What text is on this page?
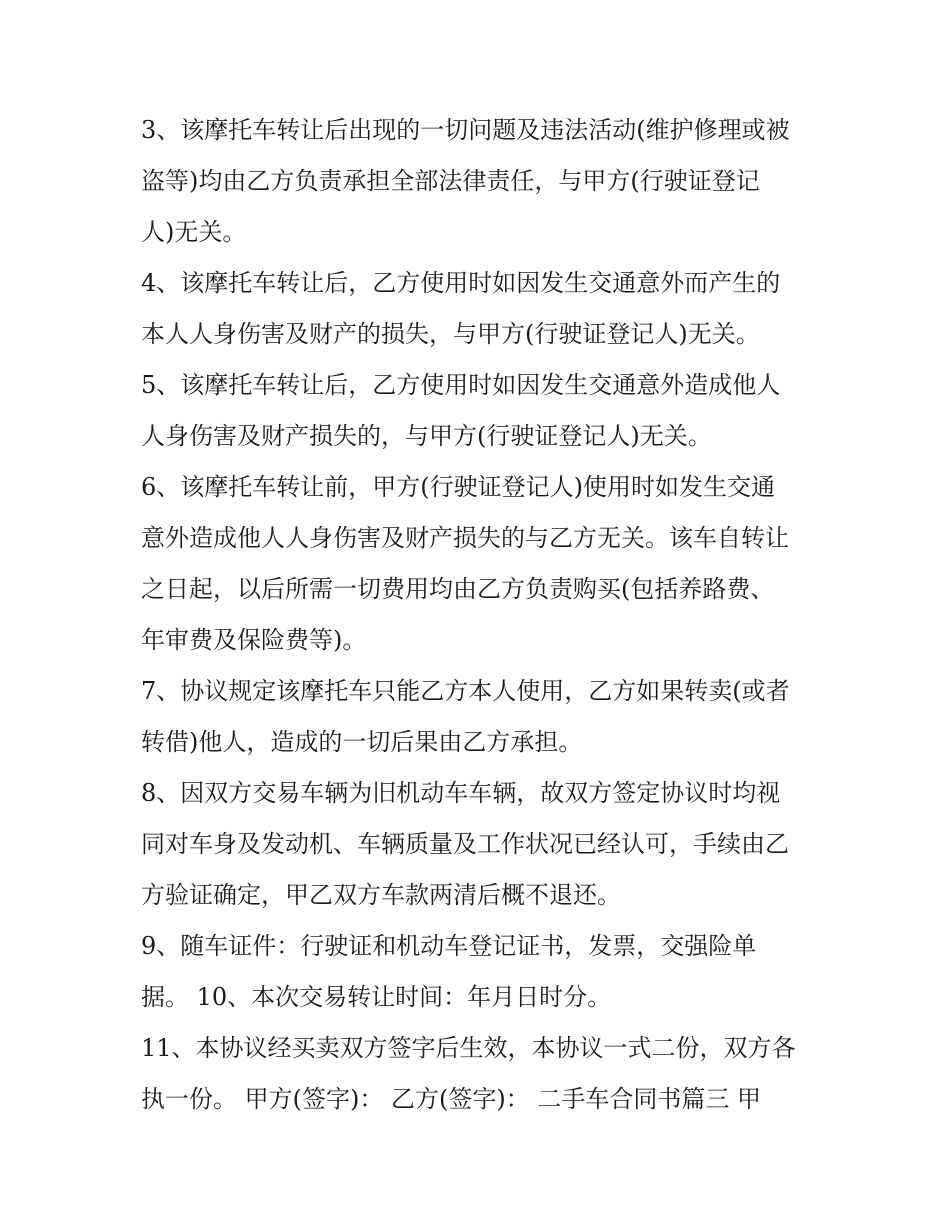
3、该摩托车转让后出现的一切问题及违法活动(维护修理或被
盗等)均由乙方负责承担全部法律责任，与甲方(行驶证登记
人)无关。
4、该摩托车转让后，乙方使用时如因发生交通意外而产生的
本人人身伤害及财产的损失，与甲方(行驶证登记人)无关。
5、该摩托车转让后，乙方使用时如因发生交通意外造成他人
人身伤害及财产损失的，与甲方(行驶证登记人)无关。
6、该摩托车转让前，甲方(行驶证登记人)使用时如发生交通
意外造成他人人身伤害及财产损失的与乙方无关。该车自转让
之日起，以后所需一切费用均由乙方负责购买(包括养路费、
年审费及保险费等)。
7、协议规定该摩托车只能乙方本人使用，乙方如果转卖(或者
转借)他人，造成的一切后果由乙方承担。
8、因双方交易车辆为旧机动车车辆，故双方签定协议时均视
同对车身及发动机、车辆质量及工作状况已经认可，手续由乙
方验证确定，甲乙双方车款两清后概不退还。
9、随车证件：行驶证和机动车登记证书，发票，交强险单
据。 10、本次交易转让时间：年月日时分。
11、本协议经买卖双方签字后生效，本协议一式二份，双方各
执一份。 甲方(签字)： 乙方(签字)： 二手车合同书篇三 甲
